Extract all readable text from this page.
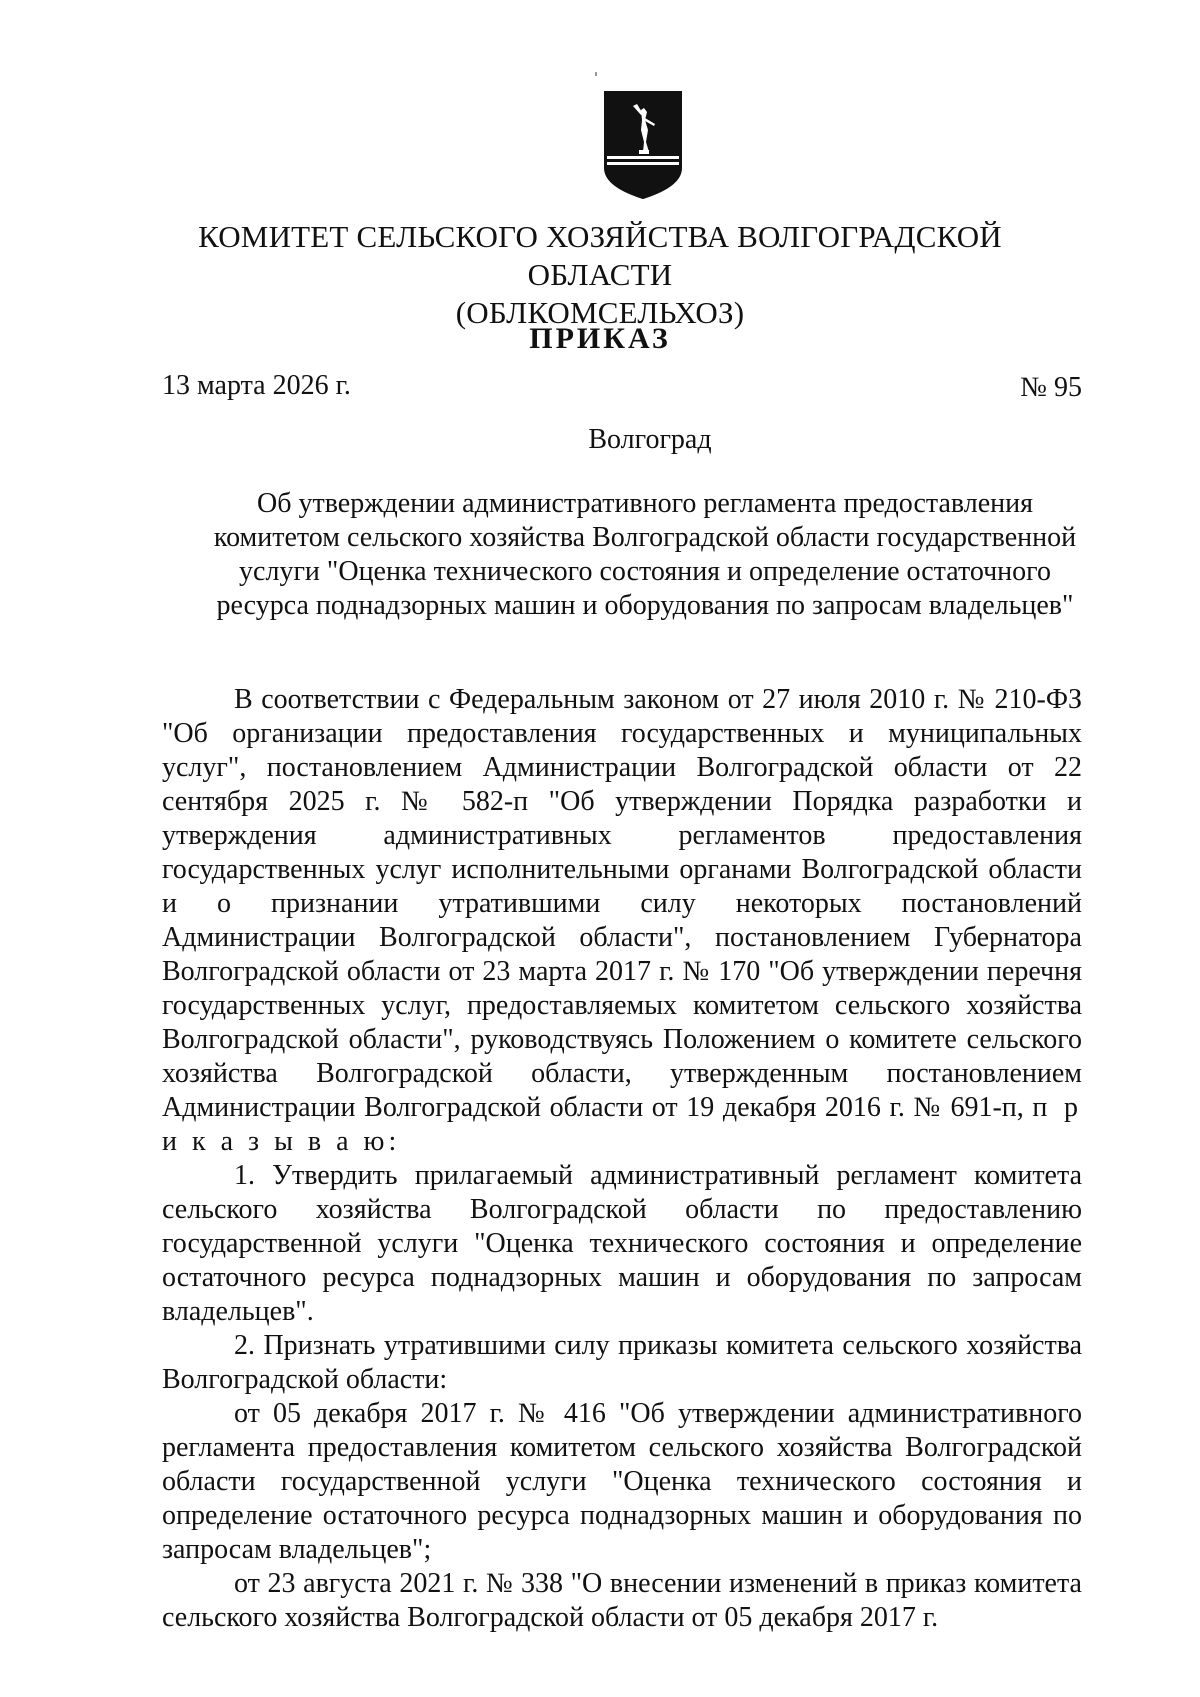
КОМИТЕТ СЕЛЬСКОГО ХОЗЯЙСТВА ВОЛГОГРАДСКОЙ ОБЛАСТИ
(ОБЛКОМСЕЛЬХОЗ)
ПРИКАЗ
13 марта 2026 г.	№ 95
Волгоград
Об утверждении административного регламента предоставления
комитетом сельского хозяйства Волгоградской области государственной
услуги "Оценка технического состояния и определение остаточного
ресурса поднадзорных машин и оборудования по запросам владельцев"

В соответствии с Федеральным законом от 27 июля 2010 г. № 210-ФЗ "Об организации предоставления государственных и муниципальных услуг", постановлением Администрации Волгоградской области от 22 сентября 2025 г. № 582-п "Об утверждении Порядка разработки и утверждения административных регламентов предоставления государственных услуг исполнительными органами Волгоградской области и о признании утратившими силу некоторых постановлений Администрации Волгоградской области", постановлением Губернатора Волгоградской области от 23 марта 2017 г. № 170 "Об утверждении перечня государственных услуг, предоставляемых комитетом сельского хозяйства Волгоградской области", руководствуясь Положением о комитете сельского хозяйства Волгоградской области, утвержденным постановлением Администрации Волгоградской области от 19 декабря 2016 г. № 691-п, п р и к а з ы в а ю:

1. Утвердить прилагаемый административный регламент комитета сельского хозяйства Волгоградской области по предоставлению государственной услуги "Оценка технического состояния и определение остаточного ресурса поднадзорных машин и оборудования по запросам владельцев".

2. Признать утратившими силу приказы комитета сельского хозяйства Волгоградской области:

от 05 декабря 2017 г. № 416 "Об утверждении административного регламента предоставления комитетом сельского хозяйства Волгоградской области государственной услуги "Оценка технического состояния и определение остаточного ресурса поднадзорных машин и оборудования по запросам владельцев";

от 23 августа 2021 г. № 338 "О внесении изменений в приказ комитета сельского хозяйства Волгоградской области от 05 декабря 2017 г.
